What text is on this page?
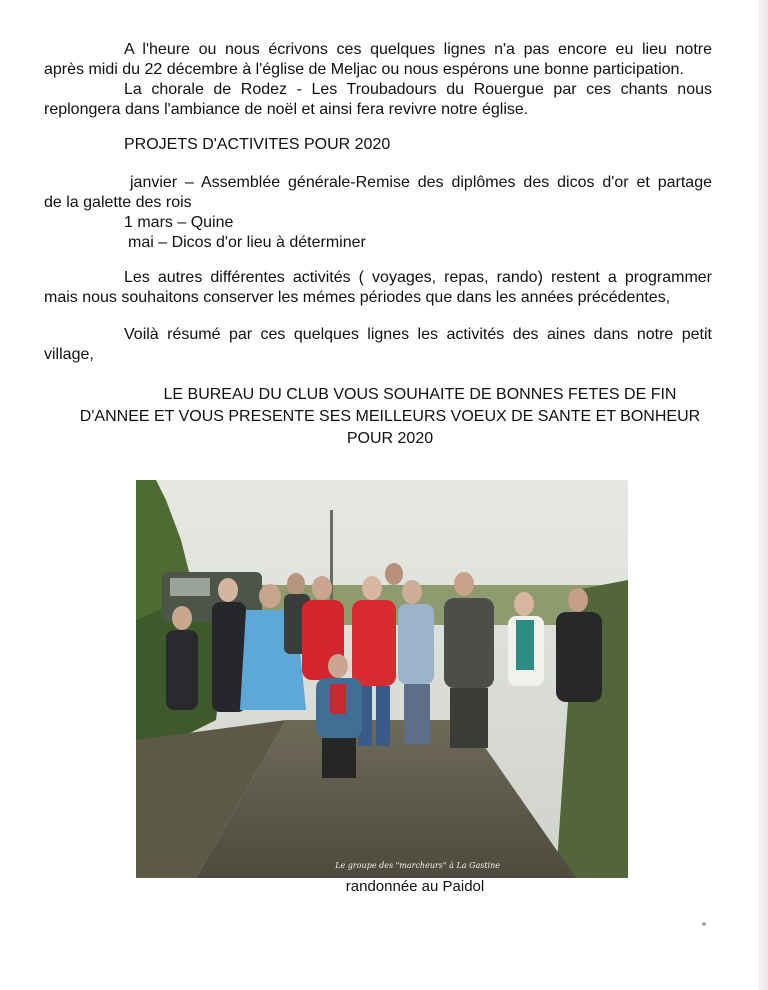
A l'heure ou nous écrivons ces quelques lignes n'a pas encore eu lieu notre
après midi du 22 décembre à l'église de Meljac ou nous espérons une bonne participation.
La chorale de Rodez - Les Troubadours du Rouergue par ces chants nous
replongera dans l'ambiance de noël et ainsi fera revivre notre église.
PROJETS D'ACTIVITES POUR 2020
janvier – Assemblée générale-Remise des diplômes des dicos d'or et partage
de la galette des rois
1 mars – Quine
mai – Dicos d'or lieu à déterminer
Les autres différentes activités ( voyages, repas, rando) restent a programmer
mais nous souhaitons conserver les mémes périodes que dans les années précédentes,
Voilà résumé par ces quelques lignes les activités des aines dans notre petit
village,
LE BUREAU DU CLUB VOUS SOUHAITE DE BONNES FETES DE FIN
D'ANNEE ET VOUS PRESENTE SES MEILLEURS VOEUX DE SANTE ET BONHEUR
POUR 2020
Le groupe des "marcheurs" à La Gastine
randonnée au Paidol
